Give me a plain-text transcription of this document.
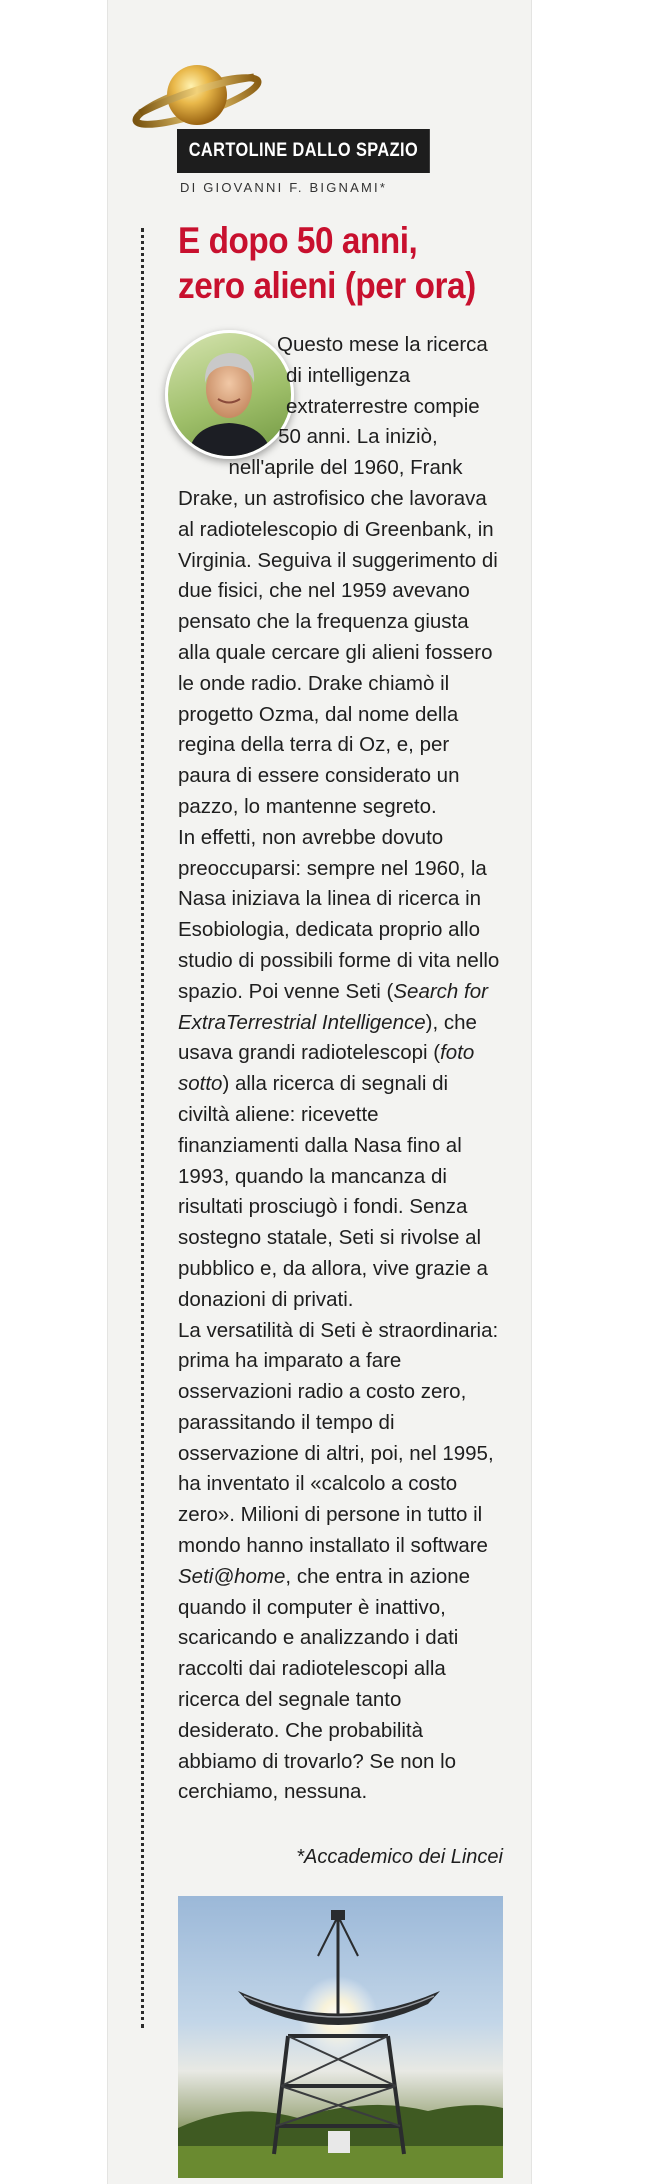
CARTOLINE DALLO SPAZIO
DI GIOVANNI F. BIGNAMI*
E dopo 50 anni,
zero alieni (per ora)

Questo mese la ricerca di intelligenza extraterrestre compie 50 anni. La iniziò, nell'aprile del 1960, Frank Drake, un astrofisico che lavorava al radiotelescopio di Greenbank, in Virginia. Seguiva il suggerimento di due fisici, che nel 1959 avevano pensato che la frequenza giusta alla quale cercare gli alieni fossero le onde radio. Drake chiamò il progetto Ozma, dal nome della regina della terra di Oz, e, per paura di essere considerato un pazzo, lo mantenne segreto.

In effetti, non avrebbe dovuto preoccuparsi: sempre nel 1960, la Nasa iniziava la linea di ricerca in Esobiologia, dedicata proprio allo studio di possibili forme di vita nello spazio. Poi venne Seti (Search for ExtraTerrestrial Intelligence), che usava grandi radiotelescopi (foto sotto) alla ricerca di segnali di civiltà aliene: ricevette finanziamenti dalla Nasa fino al 1993, quando la mancanza di risultati prosciugò i fondi. Senza sostegno statale, Seti si rivolse al pubblico e, da allora, vive grazie a donazioni di privati.

La versatilità di Seti è straordinaria: prima ha imparato a fare osservazioni radio a costo zero, parassitando il tempo di osservazione di altri, poi, nel 1995, ha inventato il «calcolo a costo zero». Milioni di persone in tutto il mondo hanno installato il software Seti@home, che entra in azione quando il computer è inattivo, scaricando e analizzando i dati raccolti dai radiotelescopi alla ricerca del segnale tanto desiderato. Che probabilità abbiamo di trovarlo? Se non lo cerchiamo, nessuna.

*Accademico dei Lincei
